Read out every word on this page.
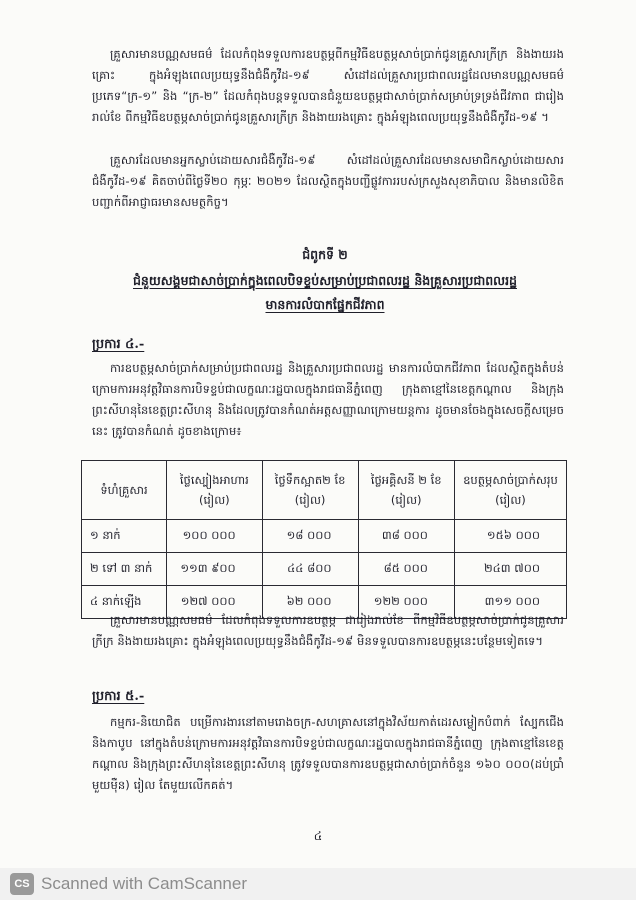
គ្រួសារមានបណ្ណសមធម៌ ដែលកំពុងទទួលការឧបត្ថម្ភពីកម្មវិធីឧបត្ថម្ភសាច់ប្រាក់ជូនគ្រួសារក្រីក្រ និងងាយរងគ្រោះ ក្នុងអំឡុងពេលប្រយុទ្ធនឹងជំងឺកូវីដ-១៩ សំដៅដល់គ្រួសារប្រជាពលរដ្ឋដែលមានបណ្ណសមធម៌ប្រភេទ“ក្រ-១” និង “ក្រ-២” ដែលកំពុងបន្តទទួលបានជំនួយឧបត្ថម្ភជាសាច់ប្រាក់សម្រាប់ទ្រទ្រង់ជីវភាព ជារៀងរាល់ខែ ពីកម្មវិធីឧបត្ថម្ភសាច់ប្រាក់ជូនគ្រួសារក្រីក្រ និងងាយរងគ្រោះ ក្នុងអំឡុងពេលប្រយុទ្ធនឹងជំងឺកូវីដ-១៩ ។
គ្រួសារដែលមានអ្នកស្លាប់ដោយសារជំងឺកូវីដ-១៩ សំដៅដល់គ្រួសារដែលមានសមាជិកស្លាប់ដោយសារជំងឺកូវីដ-១៩ គិតចាប់ពីថ្ងៃទី២០ កុម្ភៈ ២០២១ ដែលស្ថិតក្នុងបញ្ជីផ្លូវការរបស់ក្រសួងសុខាភិបាល និងមានលិខិតបញ្ជាក់ពីអាជ្ញាធរមានសមត្ថកិច្ច។
ជំពូកទី ២
ជំនួយសង្គមជាសាច់ប្រាក់ក្នុងពេលបិទខ្ទប់សម្រាប់ប្រជាពលរដ្ឋ និងគ្រួសារប្រជាពលរដ្ឋ
មានការលំបាកផ្នែកជីវភាព
ប្រការ ៤.-
ការឧបត្ថម្ភសាច់ប្រាក់សម្រាប់ប្រជាពលរដ្ឋ និងគ្រួសារប្រជាពលរដ្ឋ មានការលំបាកជីវភាព ដែលស្ថិតក្នុងតំបន់ក្រោមការអនុវត្តវិធានការបិទខ្ទប់ជាលក្ខណៈរដ្ឋបាលក្នុងរាជធានីភ្នំពេញ ក្រុងតាខ្មៅនៃខេត្តកណ្ដាល និងក្រុងព្រះសីហនុនៃខេត្តព្រះសីហនុ និងដែលត្រូវបានកំណត់អត្តសញ្ញាណក្រោមយន្តការ ដូចមានចែងក្នុងសេចក្ដីសម្រេចនេះ ត្រូវបានកំណត់ ដូចខាងក្រោម៖
ទំហំគ្រួសារ	ថ្លៃស្បៀងអាហារ (រៀល)	ថ្លៃទឹកស្អាត២ ខែ (រៀល)	ថ្លៃអគ្គិសនី ២ ខែ (រៀល)	ឧបត្ថម្ភសាច់ប្រាក់សរុប (រៀល)
១ នាក់	១០០ ០០០	១៨ ០០០	៣៨ ០០០	១៥៦ ០០០
២ ទៅ ៣ នាក់	១១៣ ៩០០	៤៤ ៨០០	៨៥ ០០០	២៤៣ ៧០០
៤ នាក់ឡើង	១២៧ ០០០	៦២ ០០០	១២២ ០០០	៣១១ ០០០
គ្រួសារមានបណ្ណសមធម៌ ដែលកំពុងទទួលការឧបត្ថម្ភ ជារៀងរាល់ខែ ពីកម្មវិធីឧបត្ថម្ភសាច់ប្រាក់ជូនគ្រួសារក្រីក្រ និងងាយរងគ្រោះ ក្នុងអំឡុងពេលប្រយុទ្ធនឹងជំងឺកូវីដ-១៩ មិនទទួលបានការឧបត្ថម្ភនេះបន្ថែមទៀតទេ។
ប្រការ ៥.-
កម្មករ-និយោជិត បម្រើការងារនៅតាមរោងចក្រ-សហគ្រាសនៅក្នុងវិស័យកាត់ដេរសម្លៀកបំពាក់ ស្បែកជើង និងកាបូប នៅក្នុងតំបន់ក្រោមការអនុវត្តវិធានការបិទខ្ទប់ជាលក្ខណៈរដ្ឋបាលក្នុងរាជធានីភ្នំពេញ ក្រុងតាខ្មៅនៃខេត្តកណ្ដាល និងក្រុងព្រះសីហនុនៃខេត្តព្រះសីហនុ ត្រូវទទួលបានការឧបត្ថម្ភជាសាច់ប្រាក់ចំនួន ១៦០ ០០០(ដប់ប្រាំមួយម៉ឺន) រៀល តែមួយលើកគត់។
៤
CS Scanned with CamScanner
